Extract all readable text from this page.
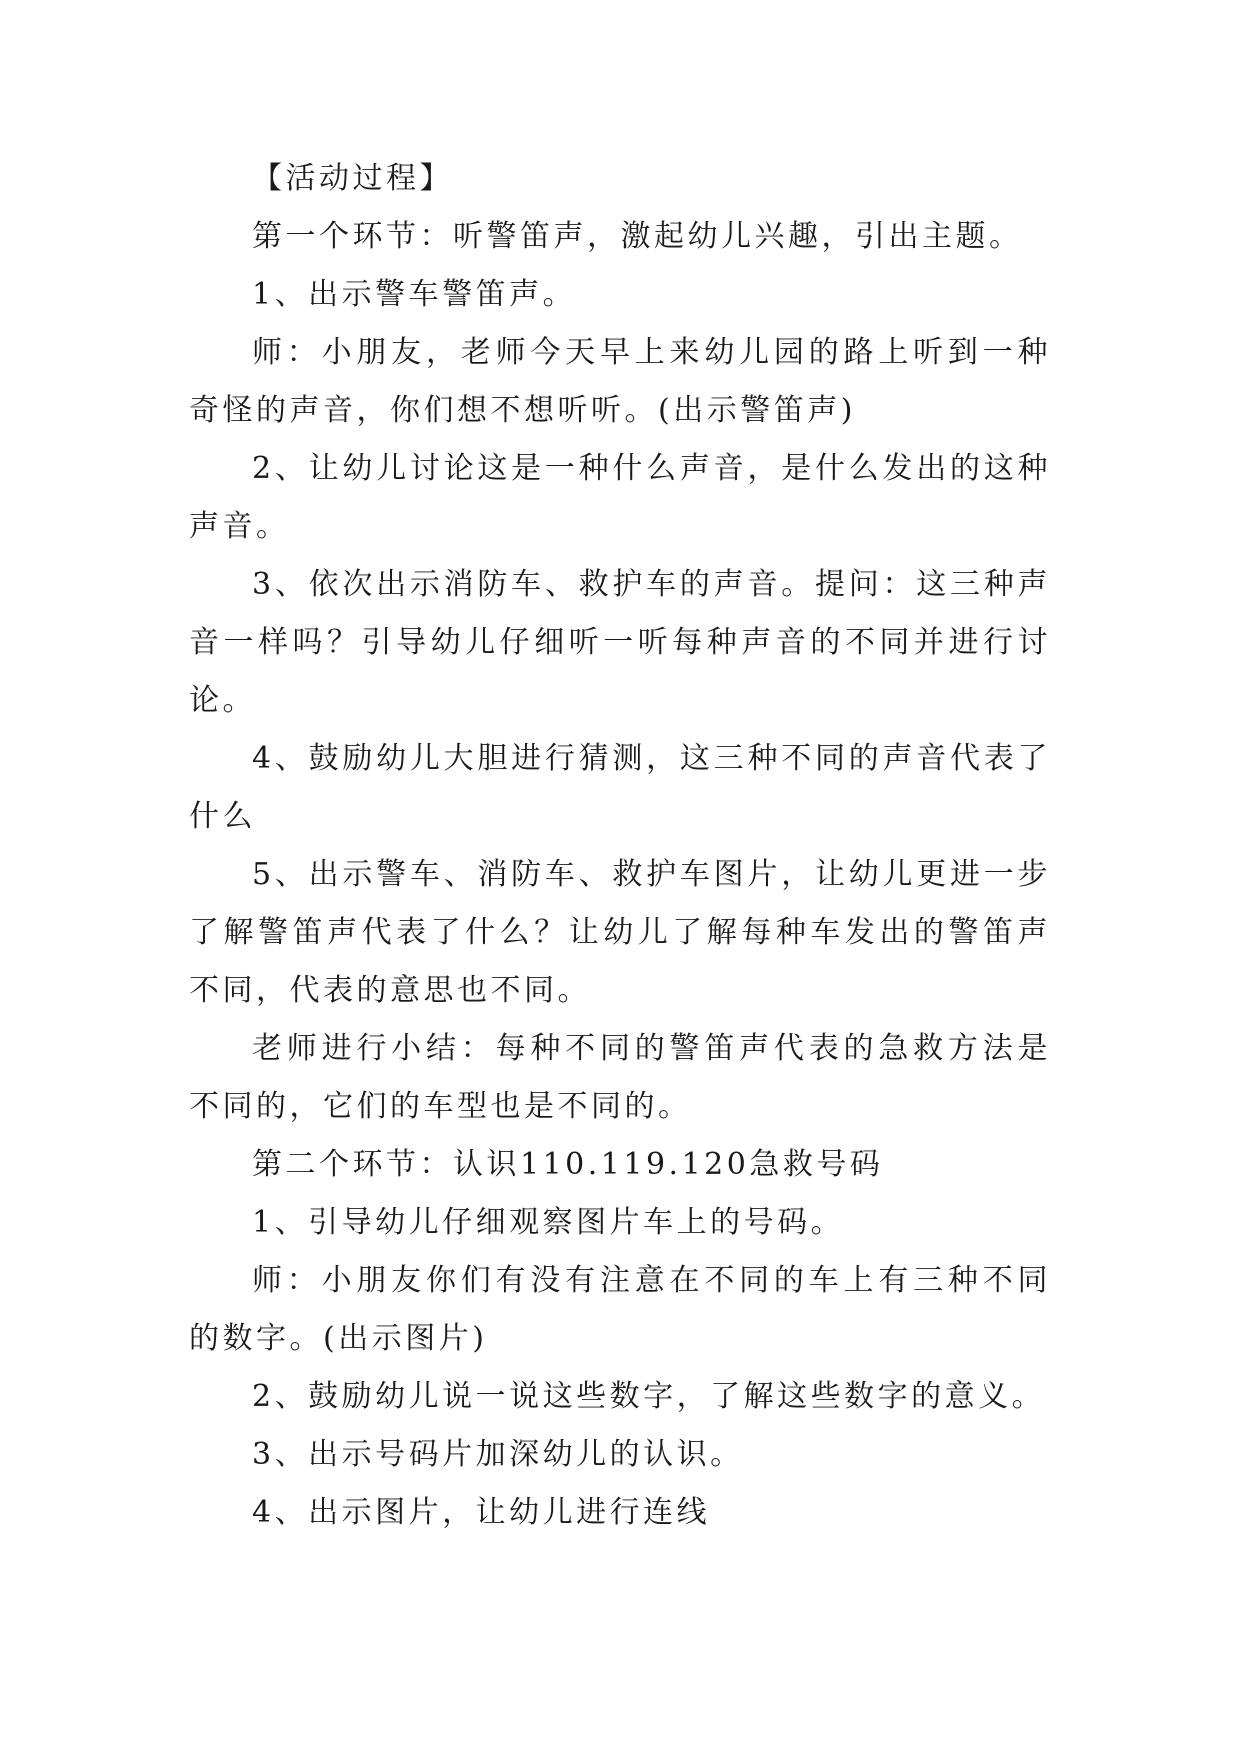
【活动过程】

第一个环节：听警笛声，激起幼儿兴趣，引出主题。

1、出示警车警笛声。

师：小朋友，老师今天早上来幼儿园的路上听到一种奇怪的声音，你们想不想听听。(出示警笛声)

2、让幼儿讨论这是一种什么声音，是什么发出的这种声音。

3、依次出示消防车、救护车的声音。提问：这三种声音一样吗？引导幼儿仔细听一听每种声音的不同并进行讨论。

4、鼓励幼儿大胆进行猜测，这三种不同的声音代表了什么

5、出示警车、消防车、救护车图片，让幼儿更进一步了解警笛声代表了什么？让幼儿了解每种车发出的警笛声不同，代表的意思也不同。

老师进行小结：每种不同的警笛声代表的急救方法是不同的，它们的车型也是不同的。

第二个环节：认识110.119.120急救号码

1、引导幼儿仔细观察图片车上的号码。

师：小朋友你们有没有注意在不同的车上有三种不同的数字。(出示图片)

2、鼓励幼儿说一说这些数字，了解这些数字的意义。

3、出示号码片加深幼儿的认识。

4、出示图片，让幼儿进行连线
